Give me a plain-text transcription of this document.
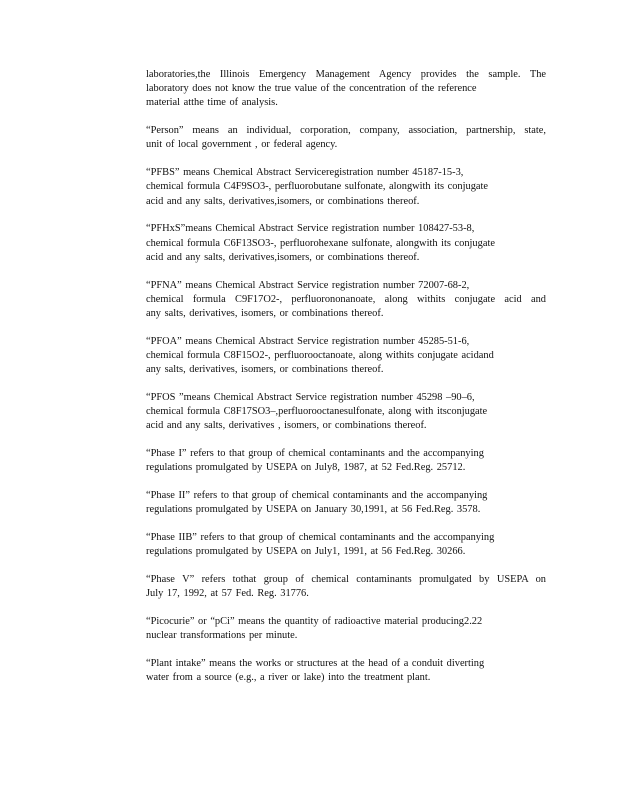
laboratories,the Illinois Emergency Management Agency provides the sample. The
laboratory does not know the true value of the concentration of the reference
material atthe time of analysis.

“Person” means an individual, corporation, company, association, partnership, state,
unit of local government , or federal agency.

“PFBS” means Chemical Abstract Serviceregistration number 45187-15-3,
chemical formula C4F9SO3-, perfluorobutane sulfonate, alongwith its conjugate
acid and any salts, derivatives,isomers, or combinations thereof.

“PFHxS”means Chemical Abstract Service registration number 108427-53-8,
chemical formula C6F13SO3-, perfluorohexane sulfonate, alongwith its conjugate
acid and any salts, derivatives,isomers, or combinations thereof.

“PFNA” means Chemical Abstract Service registration number 72007-68-2,
chemical formula C9F17O2-, perfluorononanoate, along withits conjugate acid and
any salts, derivatives, isomers, or combinations thereof.

“PFOA” means Chemical Abstract Service registration number 45285-51-6,
chemical formula C8F15O2-, perfluorooctanoate, along withits conjugate acidand
any salts, derivatives, isomers, or combinations thereof.

“PFOS ”means Chemical Abstract Service registration number 45298 –90–6,
chemical formula C8F17SO3–,perfluorooctanesulfonate, along with itsconjugate
acid and any salts, derivatives , isomers, or combinations thereof.

“Phase I” refers to that group of chemical contaminants and the accompanying
regulations promulgated by USEPA on July8, 1987, at 52 Fed.Reg. 25712.

“Phase II” refers to that group of chemical contaminants and the accompanying
regulations promulgated by USEPA on January 30,1991, at 56 Fed.Reg. 3578.

“Phase IIB” refers to that group of chemical contaminants and the accompanying
regulations promulgated by USEPA on July1, 1991, at 56 Fed.Reg. 30266.

“Phase V” refers tothat group of chemical contaminants promulgated by USEPA on
July 17, 1992, at 57 Fed. Reg. 31776.

“Picocurie” or “pCi” means the quantity of radioactive material producing2.22
nuclear transformations per minute.

“Plant intake” means the works or structures at the head of a conduit diverting
water from a source (e.g., a river or lake) into the treatment plant.
